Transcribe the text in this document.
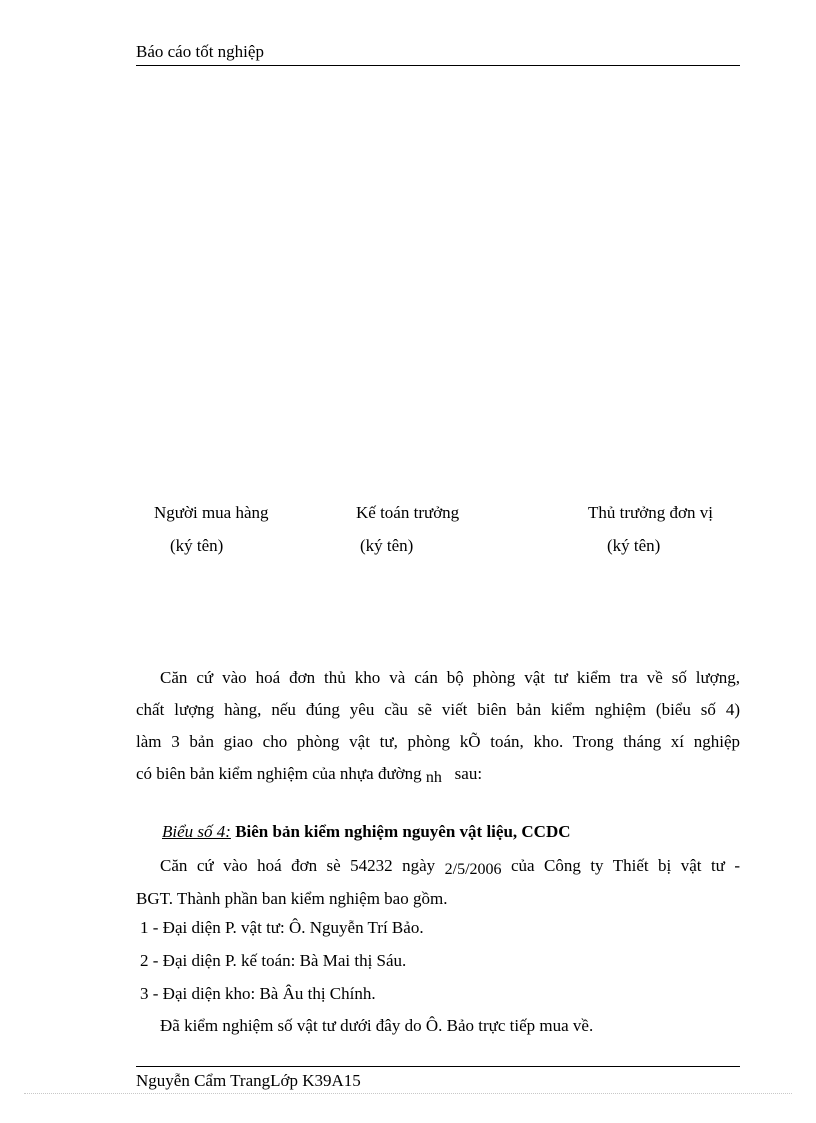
Báo cáo tốt nghiệp
Người mua hàng
(ký tên)
Kế toán trưởng
(ký tên)
Thủ trưởng đơn vị
(ký tên)
Căn cứ vào hoá đơn thủ kho và cán bộ phòng vật tư kiểm tra về số lượng,
chất lượng hàng, nếu đúng yêu cầu sẽ viết biên bản kiểm nghiệm (biểu số 4)
làm 3 bản giao cho phòng vật tư, phòng kÕ toán, kho. Trong tháng xí nghiệp
có biên bản kiểm nghiệm của nhựa đường nh sau:
Biểu số 4: Biên bản kiểm nghiệm nguyên vật liệu, CCDC
Căn cứ vào hoá đơn sè 54232 ngày 2/5/2006 của Công ty Thiết bị vật tư -
BGT. Thành phần ban kiểm nghiệm bao gồm.
1 - Đại diện P. vật tư: Ô. Nguyễn Trí Bảo.
2 - Đại diện P. kế toán: Bà Mai thị Sáu.
3 - Đại diện kho: Bà Âu thị Chính.
Đã kiểm nghiệm số vật tư dưới đây do Ô. Bảo trực tiếp mua về.
Nguyễn Cẩm TrangLớp K39A15
